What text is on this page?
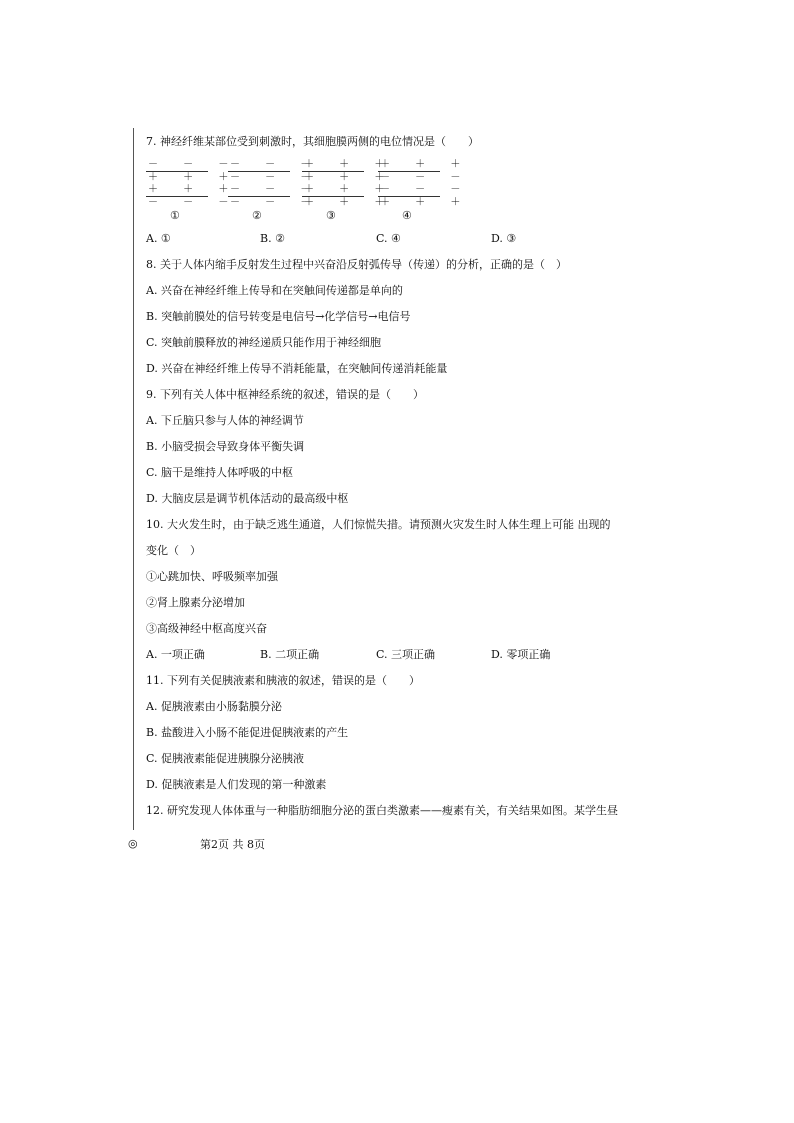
7. 神经纤维某部位受到刺激时，其细胞膜两侧的电位情况是（　　）
－ － －
＋ ＋ ＋
＋ ＋ ＋
－ － －
①
－ － －
－ － －
－ － －
－ － －
②
＋ ＋ ＋
＋ ＋ ＋
＋ ＋ ＋
＋ ＋ ＋
③
＋ ＋ ＋
－ － －
－ － －
＋ ＋ ＋
④
A. ①	B. ②	C. ④	D. ③
8. 关于人体内缩手反射发生过程中兴奋沿反射弧传导（传递）的分析，正确的是（　）
A. 兴奋在神经纤维上传导和在突触间传递都是单向的
B. 突触前膜处的信号转变是电信号→化学信号→电信号
C. 突触前膜释放的神经递质只能作用于神经细胞
D. 兴奋在神经纤维上传导不消耗能量，在突触间传递消耗能量
9. 下列有关人体中枢神经系统的叙述，错误的是（　　）
A. 下丘脑只参与人体的神经调节
B. 小脑受损会导致身体平衡失调
C. 脑干是维持人体呼吸的中枢
D. 大脑皮层是调节机体活动的最高级中枢
10. 大火发生时，由于缺乏逃生通道，人们惊慌失措。请预测火灾发生时人体生理上可能 出现的
变化（　）
①心跳加快、呼吸频率加强
②肾上腺素分泌增加
③高级神经中枢高度兴奋
A. 一项正确	B. 二项正确	C. 三项正确	D. 零项正确
11. 下列有关促胰液素和胰液的叙述，错误的是（　　）
A. 促胰液素由小肠黏膜分泌
B. 盐酸进入小肠不能促进促胰液素的产生
C. 促胰液素能促进胰腺分泌胰液
D. 促胰液素是人们发现的第一种激素
12. 研究发现人体体重与一种脂肪细胞分泌的蛋白类激素——瘦素有关，有关结果如图。某学生昼
◎	第2页 共 8页
